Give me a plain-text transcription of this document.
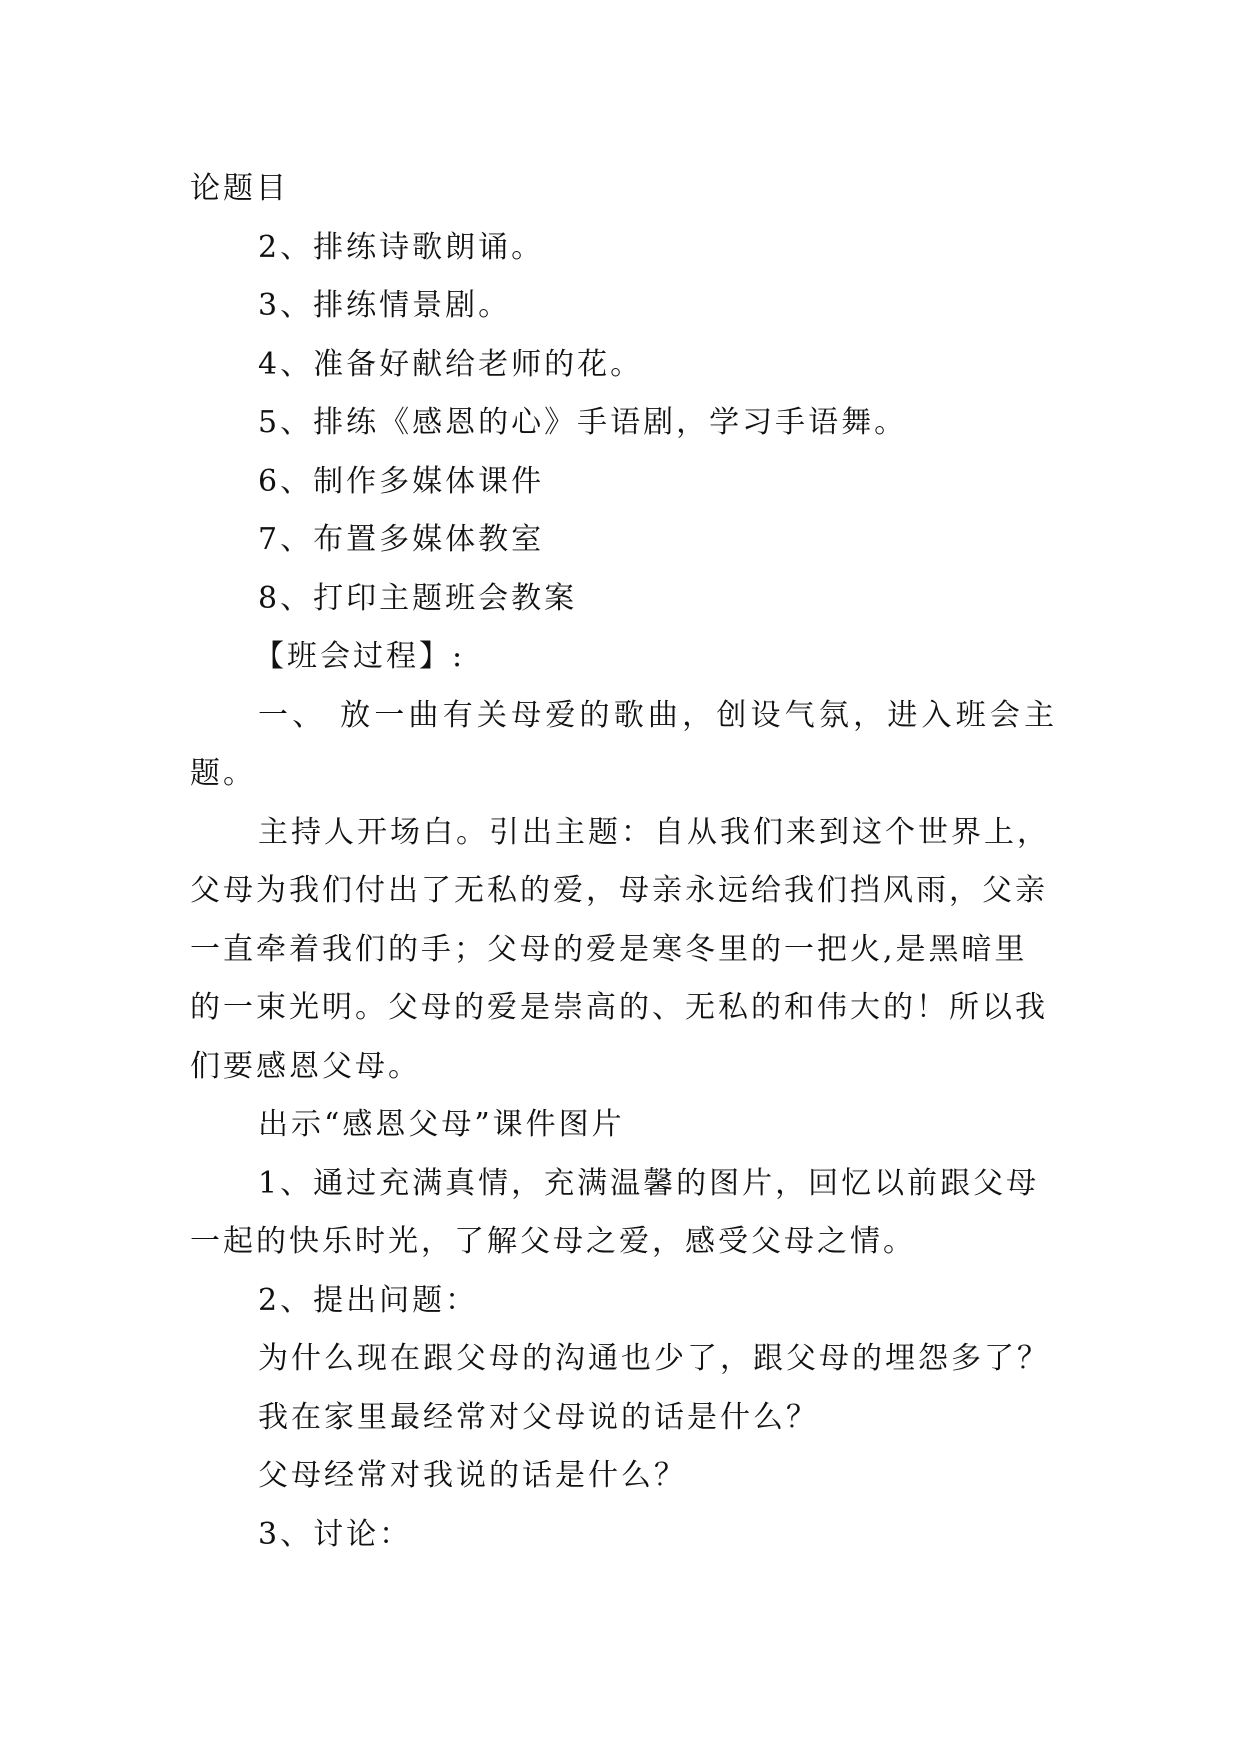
论题目
2、排练诗歌朗诵。
3、排练情景剧。
4、准备好献给老师的花。
5、排练《感恩的心》手语剧，学习手语舞。
6、制作多媒体课件
7、布置多媒体教室
8、打印主题班会教案
【班会过程】:
一、 放一曲有关母爱的歌曲，创设气氛，进入班会主
题。
主持人开场白。引出主题：自从我们来到这个世界上，
父母为我们付出了无私的爱，母亲永远给我们挡风雨，父亲
一直牵着我们的手；父母的爱是寒冬里的一把火,是黑暗里
的一束光明。父母的爱是崇高的、无私的和伟大的！所以我
们要感恩父母。
出示“感恩父母”课件图片
1、通过充满真情，充满温馨的图片，回忆以前跟父母
一起的快乐时光，了解父母之爱，感受父母之情。
2、提出问题：
为什么现在跟父母的沟通也少了，跟父母的埋怨多了？
我在家里最经常对父母说的话是什么？
父母经常对我说的话是什么？
3、讨论：
